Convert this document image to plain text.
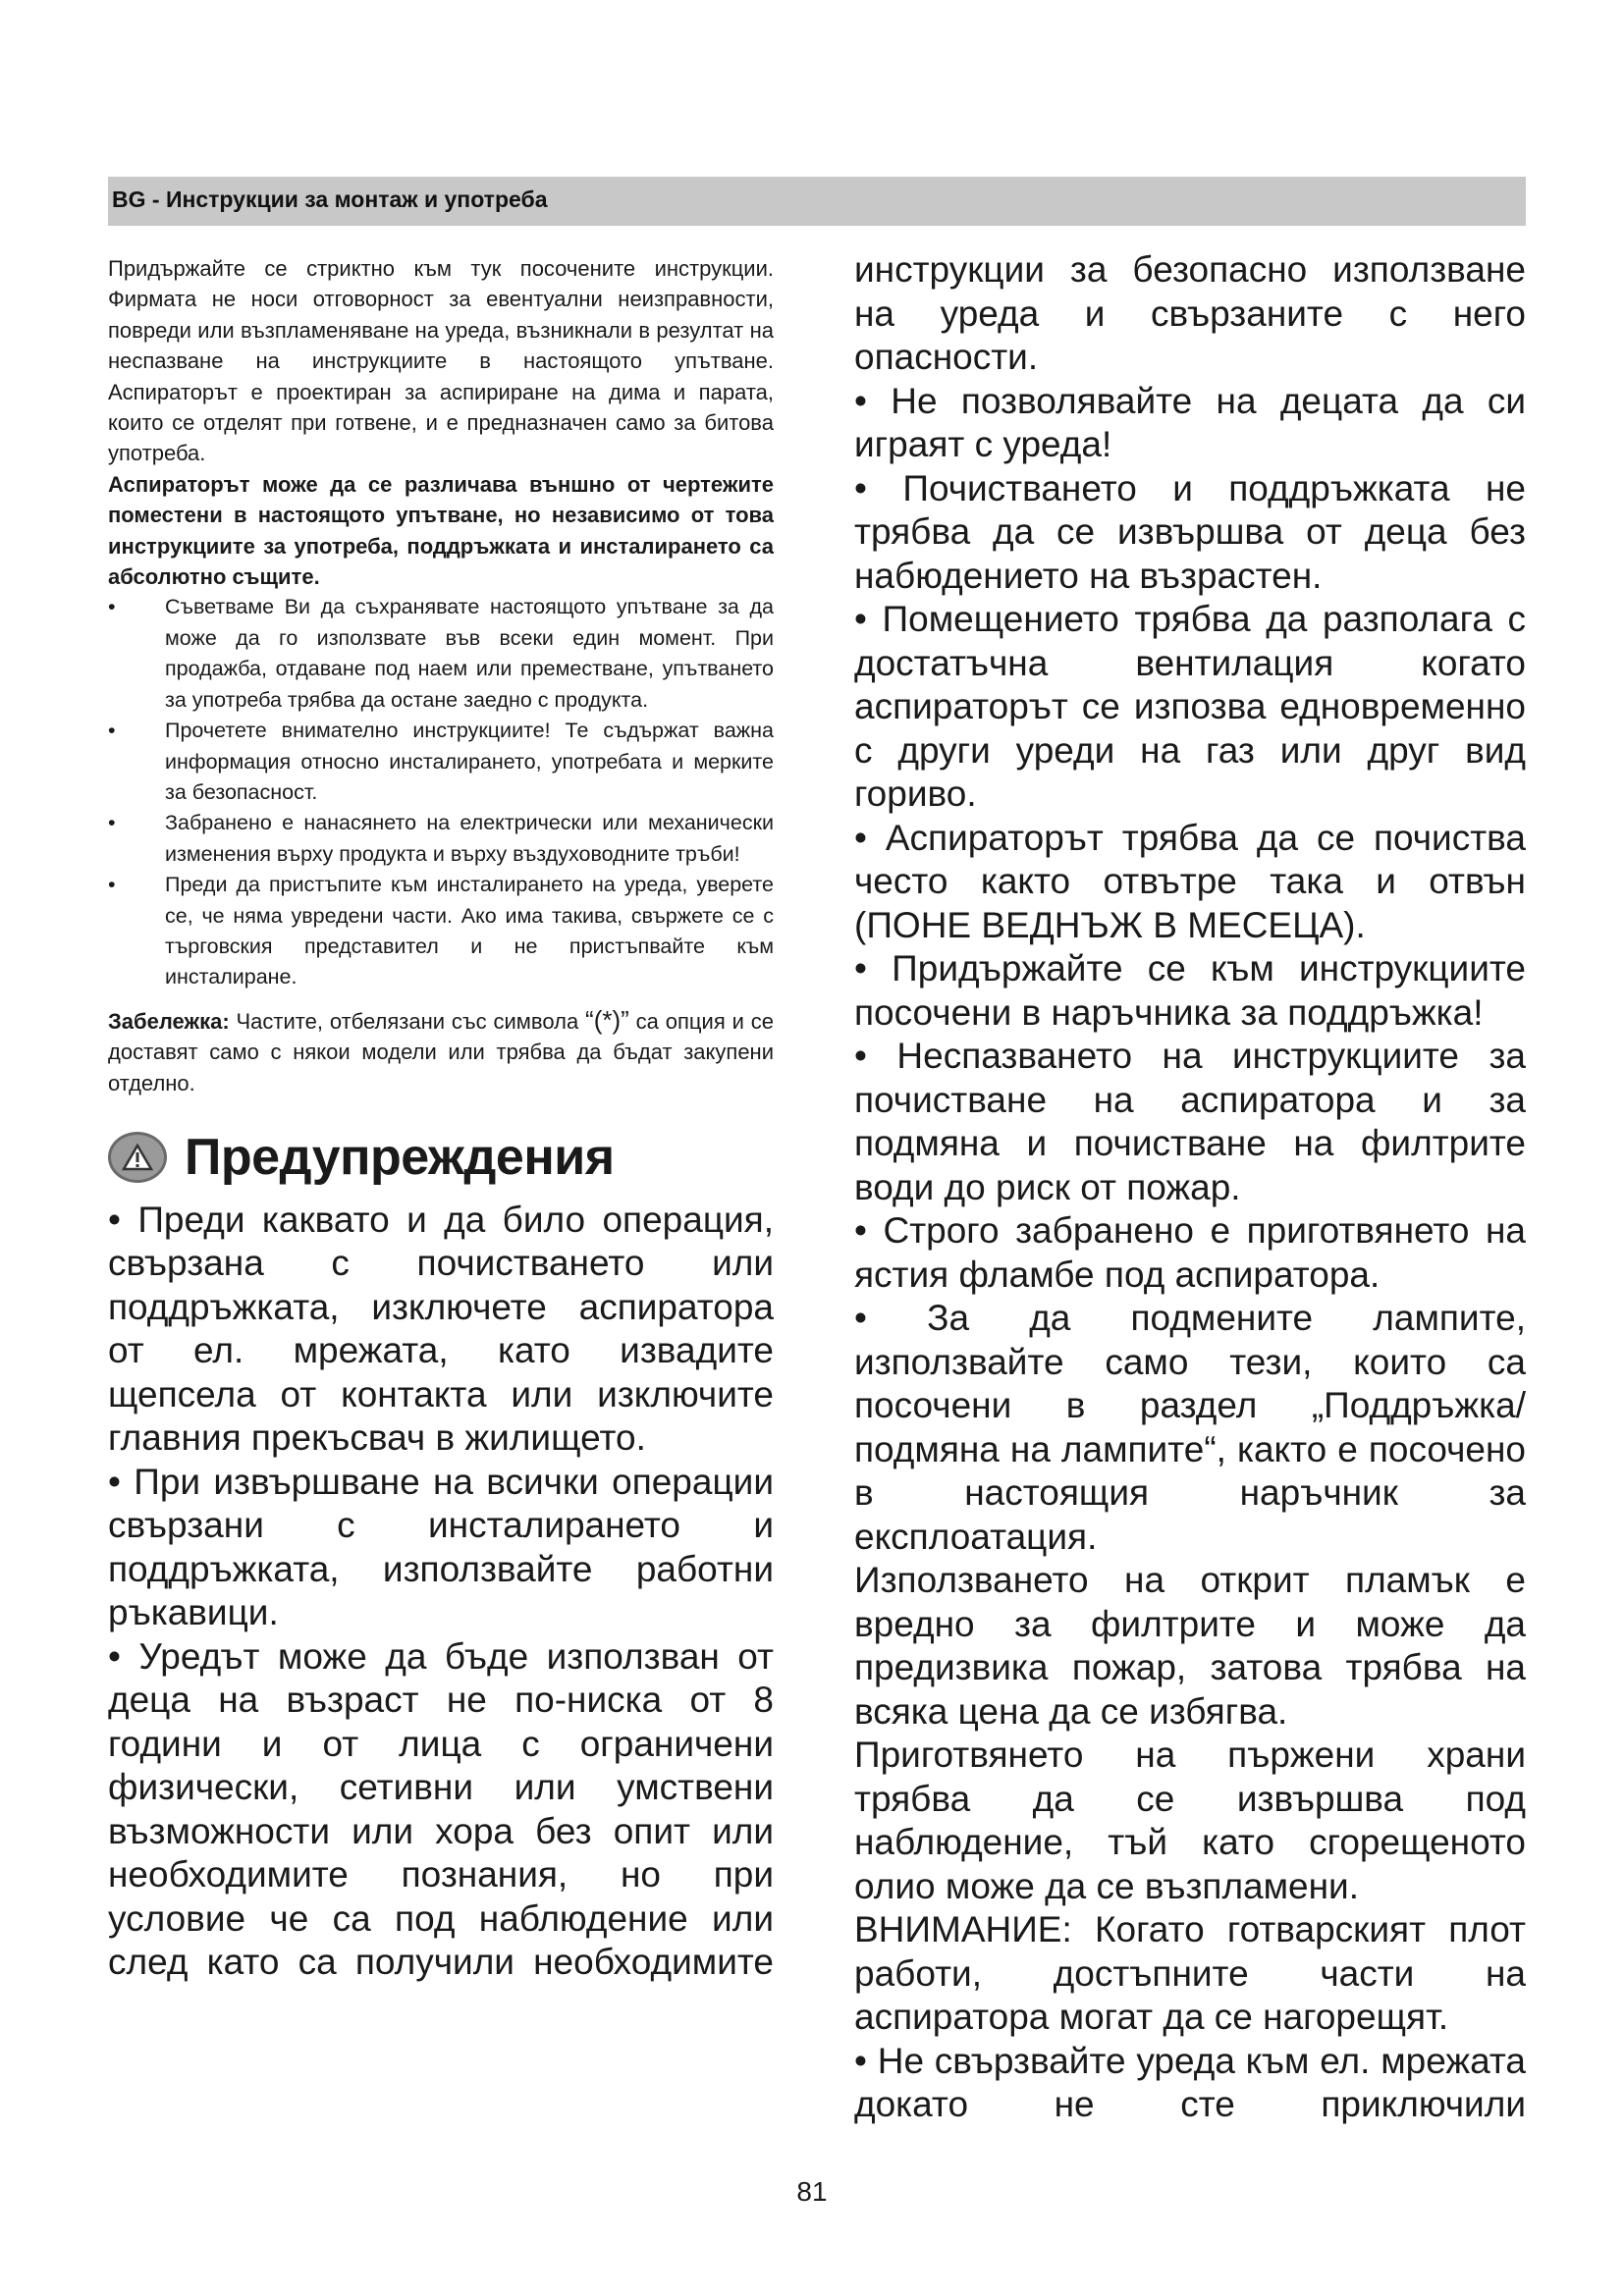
BG - Инструкции за монтаж и употреба

Придържайте се стриктно към тук посочените инструкции. Фирмата не носи отговорност за евентуални неизправности, повреди или възпламеняване на уреда, възникнали в резултат на неспазване на инструкциите в настоящото упътване. Аспираторът е проектиран за аспириране на дима и парата, които се отделят при готвене, и е предназначен само за битова употреба.

Аспираторът може да се различава външно от чертежите поместени в настоящото упътване, но независимо от това инструкциите за употреба, поддръжката и инсталирането са абсолютно същите.

• Съветваме Ви да съхранявате настоящото упътване за да може да го използвате във всеки един момент. При продажба, отдаване под наем или преместване, упътването за употреба трябва да остане заедно с продукта.
• Прочетете внимателно инструкциите! Те съдържат важна информация относно инсталирането, употребата и мерките за безопасност.
• Забранено е нанасянето на електрически или механически изменения върху продукта и върху въздуховодните тръби!
• Преди да пристъпите към инсталирането на уреда, уверете се, че няма увредени части. Ако има такива, свържете се с търговския представител и не пристъпвайте към инсталиране.

Забележка: Частите, отбелязани със символа “(*)” са опция и се доставят само с някои модели или трябва да бъдат закупени отделно.

Предупреждения

• Преди каквато и да било операция, свързана с почистването или поддръжката, изключете аспиратора от ел. мрежата, като извадите щепсела от контакта или изключите главния прекъсвач в жилището.

• При извършване на всички операции свързани с инсталирането и поддръжката, използвайте работни ръкавици.

• Уредът може да бъде използван от деца на възраст не по-ниска от 8 години и от лица с ограничени физически, сетивни или умствени възможности или хора без опит или необходимите познания, но при условие че са под наблюдение или след като са получили необходимите

инструкции за безопасно използване на уреда и свързаните с него опасности.

• Не позволявайте на децата да си играят с уреда!

• Почистването и поддръжката не трябва да се извършва от деца без набюдението на възрастен.

• Помещението трябва да разполага с достатъчна вентилация когато аспираторът се изпозва едновременно с други уреди на газ или друг вид гориво.

• Аспираторът трябва да се почиства често както отвътре така и отвън (ПОНЕ ВЕДНЪЖ В МЕСЕЦА).

• Придържайте се към инструкциите посочени в наръчника за поддръжка!

• Неспазването на инструкциите за почистване на аспиратора и за подмяна и почистване на филтрите води до риск от пожар.

• Строго забранено е приготвянето на ястия фламбе под аспиратора.

• За да подмените лампите, използвайте само тези, които са посочени в раздел „Поддръжка/подмяна на лампите“, както е посочено в настоящия наръчник за експлоатация.

Използването на открит пламък е вредно за филтрите и може да предизвика пожар, затова трябва на всяка цена да се избягва.

Приготвянето на пържени храни трябва да се извършва под наблюдение, тъй като сгорещеното олио може да се възпламени.

ВНИМАНИЕ: Когато готварският плот работи, достъпните части на аспиратора могат да се нагорещят.

• Не свързвайте уреда към ел. мрежата докато не сте приключили

81
